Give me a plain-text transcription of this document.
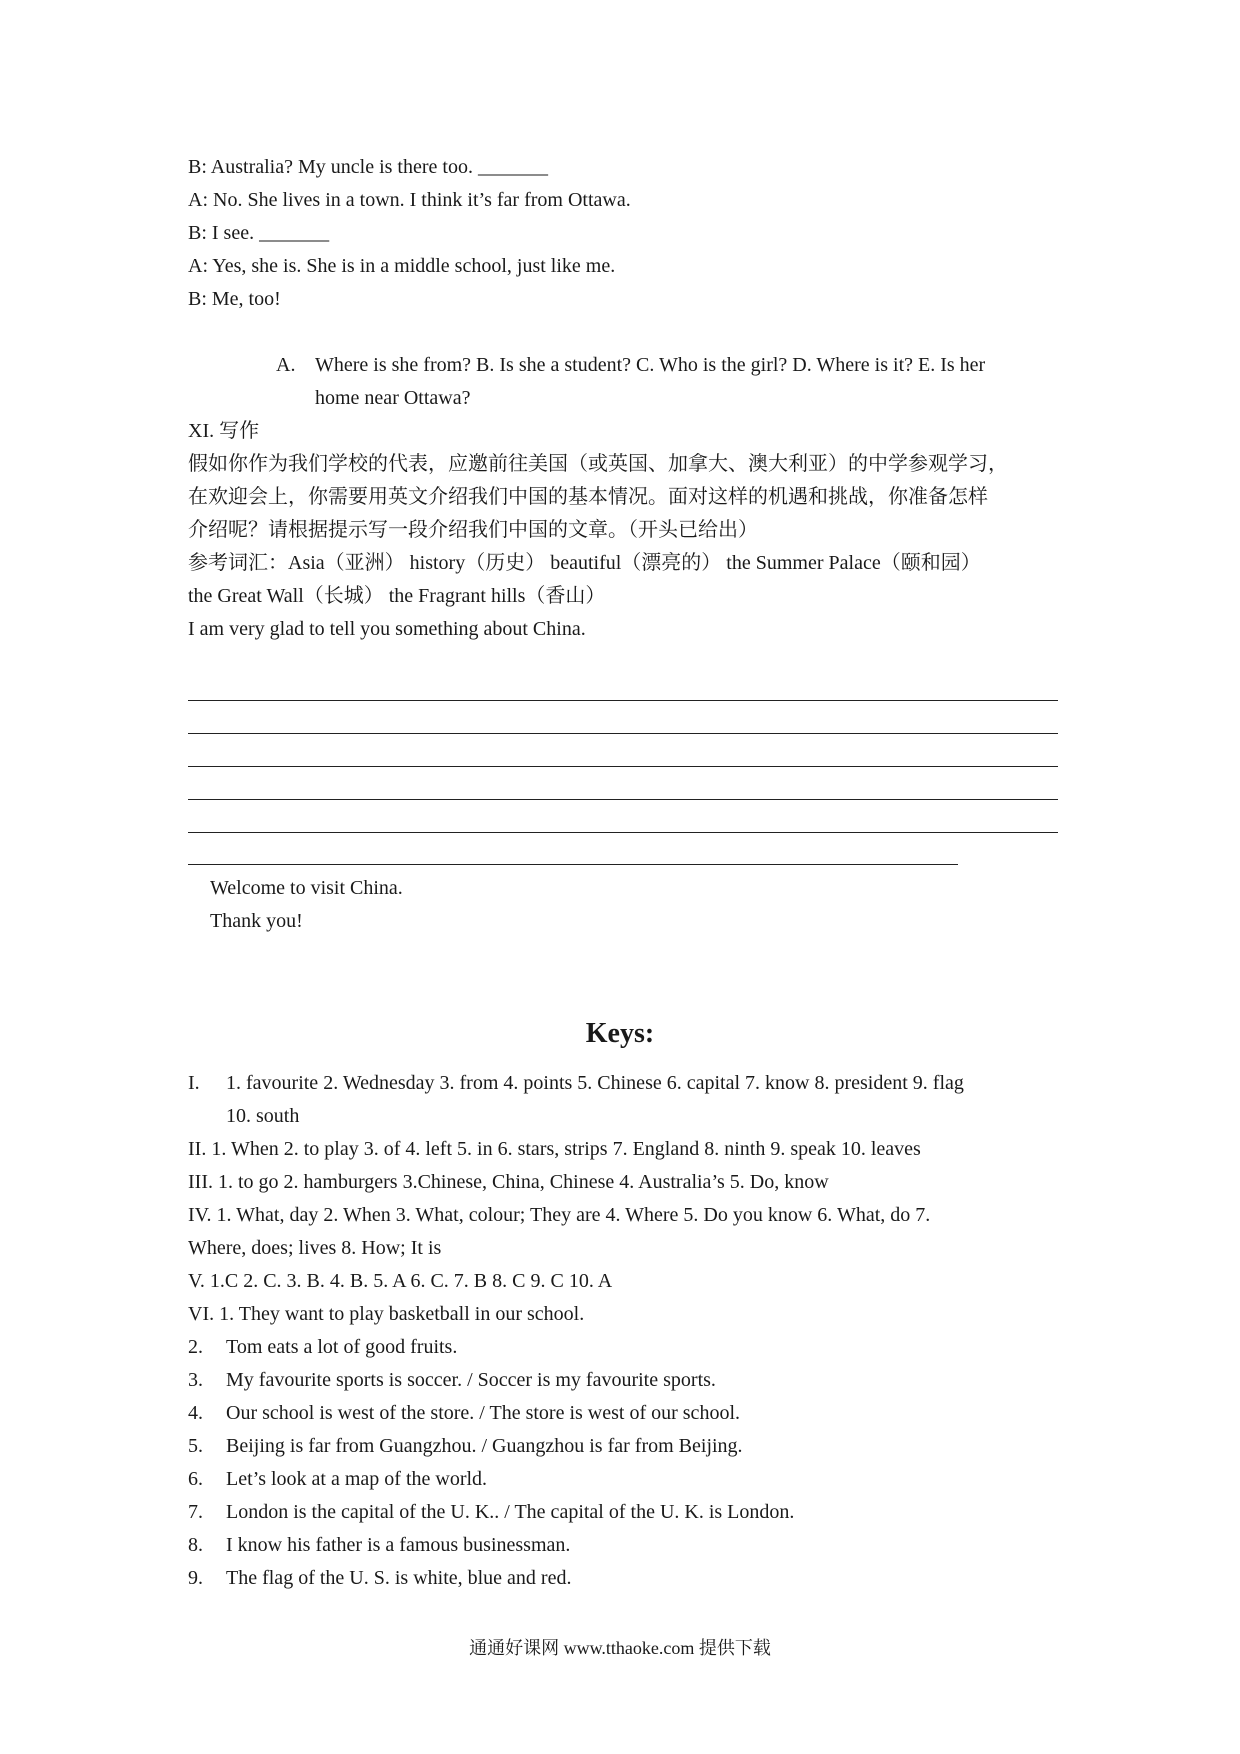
B: Australia? My uncle is there too. _______
A: No. She lives in a town. I think it’s far from Ottawa.
B: I see. _______
A: Yes, she is. She is in a middle school, just like me.
B: Me, too!
A. Where is she from? B. Is she a student? C. Who is the girl? D. Where is it? E. Is her
home near Ottawa?
XI. 写作
假如你作为我们学校的代表，应邀前往美国（或英国、加拿大、澳大利亚）的中学参观学习，
在欢迎会上，你需要用英文介绍我们中国的基本情况。面对这样的机遇和挑战，你准备怎样
介绍呢？请根据提示写一段介绍我们中国的文章。（开头已给出）
参考词汇：Asia（亚洲） history（历史） beautiful（漂亮的） the Summer Palace（颐和园）
the Great Wall（长城） the Fragrant hills（香山）
I am very glad to tell you something about China.
Welcome to visit China.
Thank you!
Keys:
I. 1. favourite 2. Wednesday 3. from 4. points 5. Chinese 6. capital 7. know 8. president 9. flag
10. south
II. 1. When 2. to play 3. of 4. left 5. in 6. stars, strips 7. England 8. ninth 9. speak 10. leaves
III. 1. to go 2. hamburgers 3.Chinese, China, Chinese 4. Australia’s 5. Do, know
IV. 1. What, day 2. When 3. What, colour; They are 4. Where 5. Do you know 6. What, do 7.
Where, does; lives 8. How; It is
V. 1.C 2. C. 3. B. 4. B. 5. A 6. C. 7. B 8. C 9. C 10. A
VI. 1. They want to play basketball in our school.
2. Tom eats a lot of good fruits.
3. My favourite sports is soccer. / Soccer is my favourite sports.
4. Our school is west of the store. / The store is west of our school.
5. Beijing is far from Guangzhou. / Guangzhou is far from Beijing.
6. Let’s look at a map of the world.
7. London is the capital of the U. K.. / The capital of the U. K. is London.
8. I know his father is a famous businessman.
9. The flag of the U. S. is white, blue and red.
通通好课网 www.tthaoke.com 提供下载
